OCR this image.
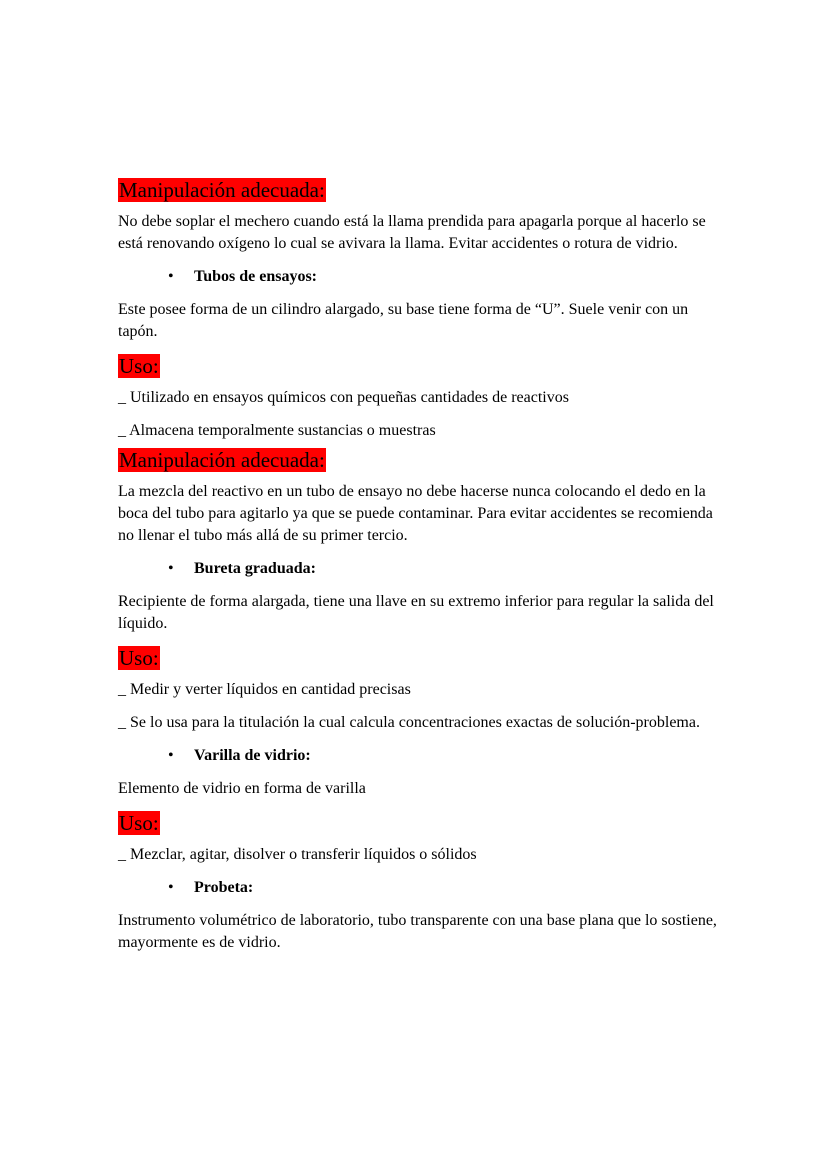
Manipulación adecuada:

No debe soplar el mechero cuando está la llama prendida para apagarla porque al hacerlo se está renovando oxígeno lo cual se avivara la llama. Evitar accidentes o rotura de vidrio.

• Tubos de ensayos:

Este posee forma de un cilindro alargado, su base tiene forma de “U”. Suele venir con un tapón.

Uso:

_ Utilizado en ensayos químicos con pequeñas cantidades de reactivos

_ Almacena temporalmente sustancias o muestras

Manipulación adecuada:

La mezcla del reactivo en un tubo de ensayo no debe hacerse nunca colocando el dedo en la boca del tubo para agitarlo ya que se puede contaminar. Para evitar accidentes se recomienda no llenar el tubo más allá de su primer tercio.

• Bureta graduada:

Recipiente de forma alargada, tiene una llave en su extremo inferior para regular la salida del líquido.

Uso:

_ Medir y verter líquidos en cantidad precisas

_ Se lo usa para la titulación la cual calcula concentraciones exactas de solución-problema.

• Varilla de vidrio:

Elemento de vidrio en forma de varilla

Uso:

_ Mezclar, agitar, disolver o transferir líquidos o sólidos

• Probeta:

Instrumento volumétrico de laboratorio, tubo transparente con una base plana que lo sostiene, mayormente es de vidrio.
